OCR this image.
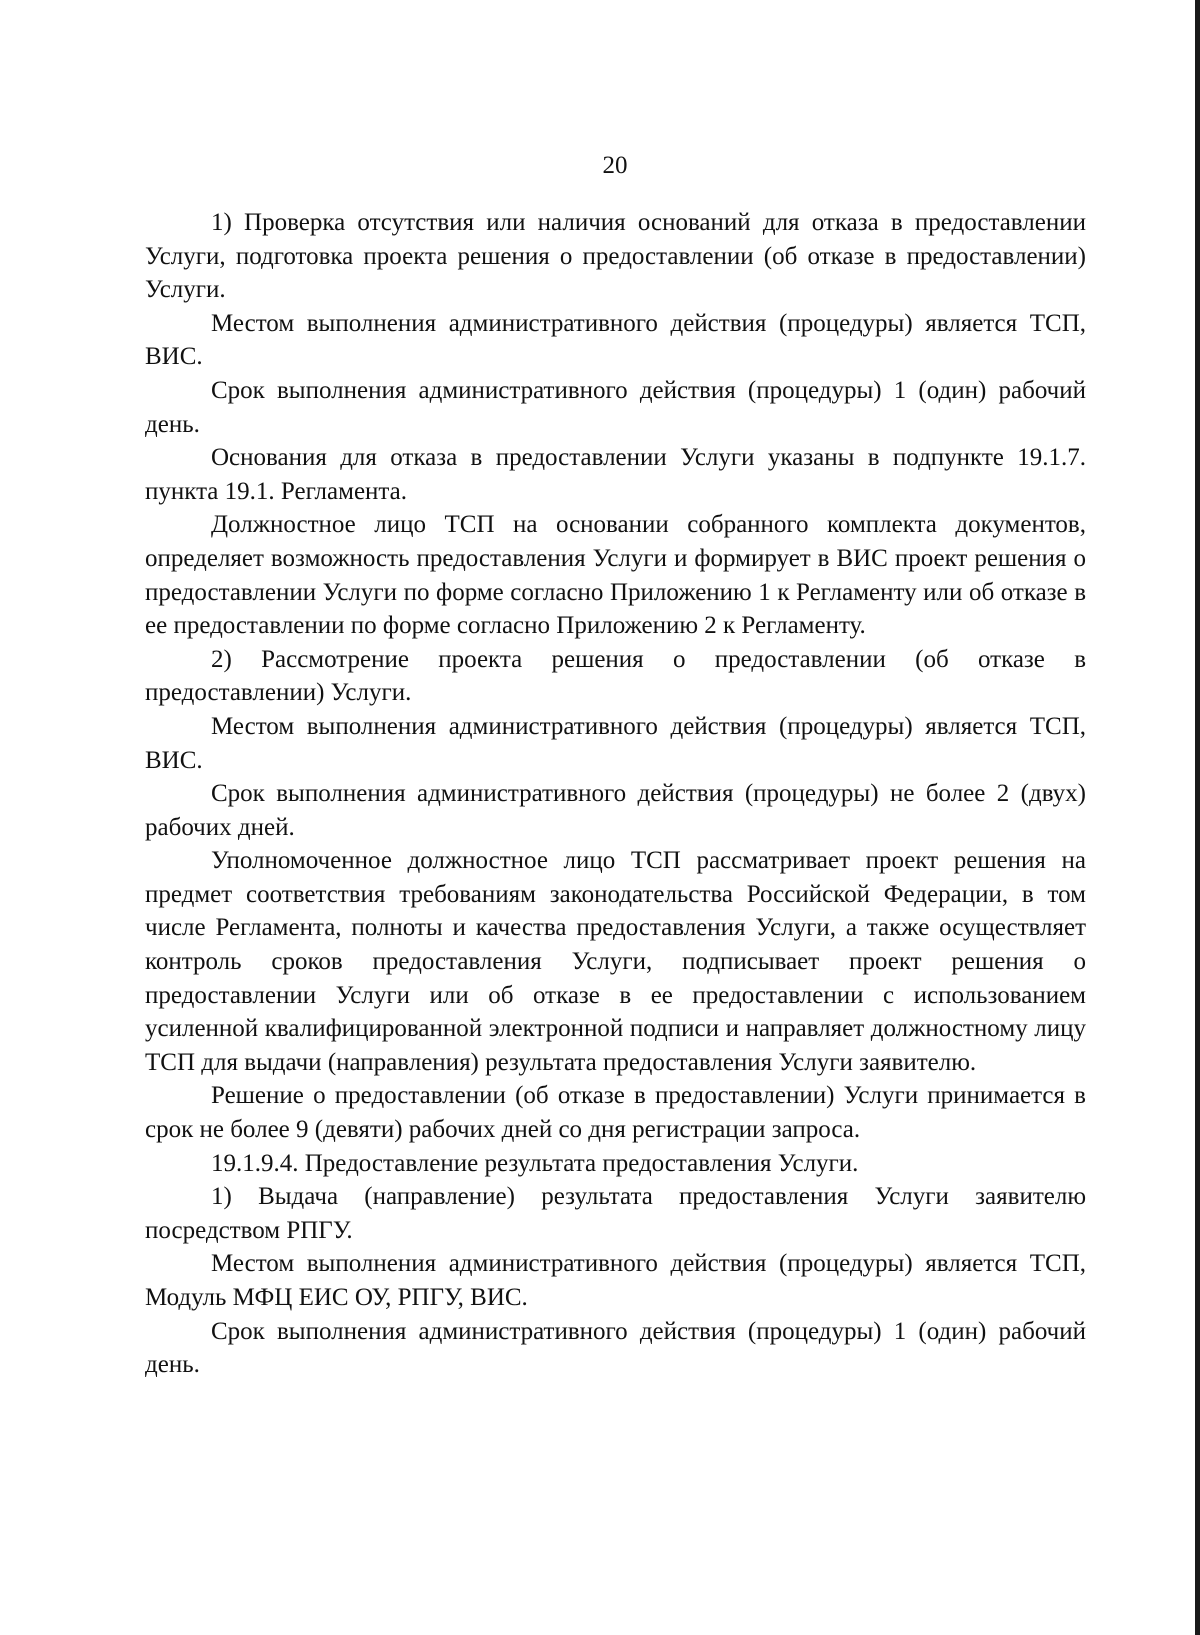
20

1) Проверка отсутствия или наличия оснований для отказа в предоставлении Услуги, подготовка проекта решения о предоставлении (об отказе в предоставлении) Услуги.

Местом выполнения административного действия (процедуры) является ТСП, ВИС.

Срок выполнения административного действия (процедуры) 1 (один) рабочий день.

Основания для отказа в предоставлении Услуги указаны в подпункте 19.1.7. пункта 19.1. Регламента.

Должностное лицо ТСП на основании собранного комплекта документов, определяет возможность предоставления Услуги и формирует в ВИС проект решения о предоставлении Услуги по форме согласно Приложению 1 к Регламенту или об отказе в ее предоставлении по форме согласно Приложению 2 к Регламенту.

2) Рассмотрение проекта решения о предоставлении (об отказе в предоставлении) Услуги.

Местом выполнения административного действия (процедуры) является ТСП, ВИС.

Срок выполнения административного действия (процедуры) не более 2 (двух) рабочих дней.

Уполномоченное должностное лицо ТСП рассматривает проект решения на предмет соответствия требованиям законодательства Российской Федерации, в том числе Регламента, полноты и качества предоставления Услуги, а также осуществляет контроль сроков предоставления Услуги, подписывает проект решения о предоставлении Услуги или об отказе в ее предоставлении с использованием усиленной квалифицированной электронной подписи и направляет должностному лицу ТСП для выдачи (направления) результата предоставления Услуги заявителю.

Решение о предоставлении (об отказе в предоставлении) Услуги принимается в срок не более 9 (девяти) рабочих дней со дня регистрации запроса.

19.1.9.4. Предоставление результата предоставления Услуги.

1) Выдача (направление) результата предоставления Услуги заявителю посредством РПГУ.

Местом выполнения административного действия (процедуры) является ТСП, Модуль МФЦ ЕИС ОУ, РПГУ, ВИС.

Срок выполнения административного действия (процедуры) 1 (один) рабочий день.
